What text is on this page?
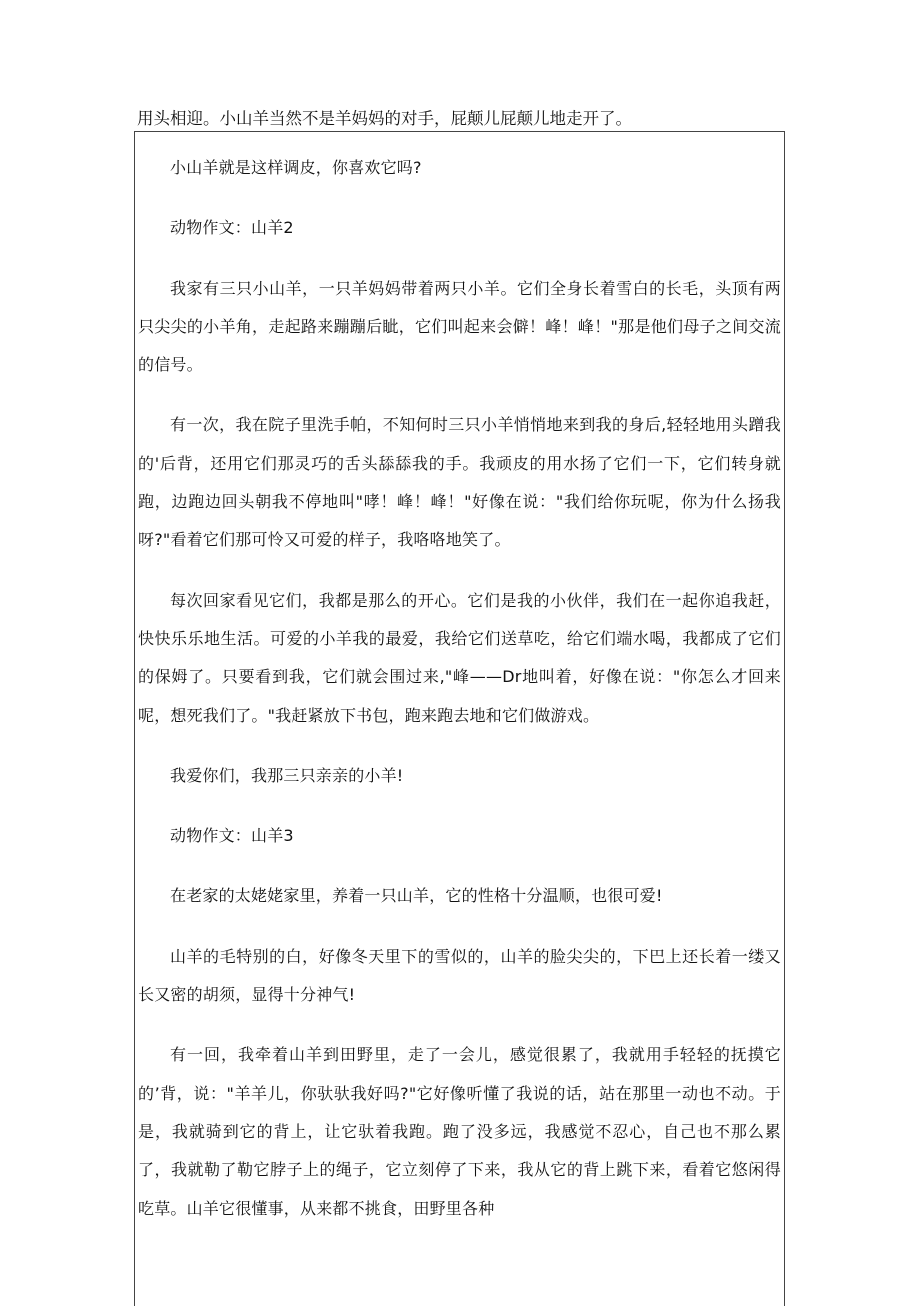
用头相迎。小山羊当然不是羊妈妈的对手，屁颠儿屁颠儿地走开了。

小山羊就是这样调皮，你喜欢它吗?

动物作文：山羊2

我家有三只小山羊，一只羊妈妈带着两只小羊。它们全身长着雪白的长毛，头顶有两只尖尖的小羊角，走起路来蹦蹦后眦，它们叫起来会僻！峰！峰！"那是他们母子之间交流的信号。

有一次，我在院子里洗手帕，不知何时三只小羊悄悄地来到我的身后,轻轻地用头蹭我的'后背，还用它们那灵巧的舌头舔舔我的手。我顽皮的用水扬了它们一下，它们转身就跑，边跑边回头朝我不停地叫"哮！峰！峰！"好像在说："我们给你玩呢，你为什么扬我呀?"看着它们那可怜又可爱的样子，我咯咯地笑了。

每次回家看见它们，我都是那么的开心。它们是我的小伙伴，我们在一起你追我赶，快快乐乐地生活。可爱的小羊我的最爱，我给它们送草吃，给它们端水喝，我都成了它们的保姆了。只要看到我，它们就会围过来,"峰——Dr地叫着，好像在说："你怎么才回来呢，想死我们了。"我赶紧放下书包，跑来跑去地和它们做游戏。

我爱你们，我那三只亲亲的小羊!

动物作文：山羊3

在老家的太姥姥家里，养着一只山羊，它的性格十分温顺，也很可爱!

山羊的毛特别的白，好像冬天里下的雪似的，山羊的脸尖尖的，下巴上还长着一缕又长又密的胡须，显得十分神气!

有一回，我牵着山羊到田野里，走了一会儿，感觉很累了，我就用手轻轻的抚摸它的’背，说："羊羊儿，你驮驮我好吗?"它好像听懂了我说的话，站在那里一动也不动。于是，我就骑到它的背上，让它驮着我跑。跑了没多远，我感觉不忍心，自己也不那么累了，我就勒了勒它脖子上的绳子，它立刻停了下来，我从它的背上跳下来，看着它悠闲得吃草。山羊它很懂事，从来都不挑食，田野里各种
